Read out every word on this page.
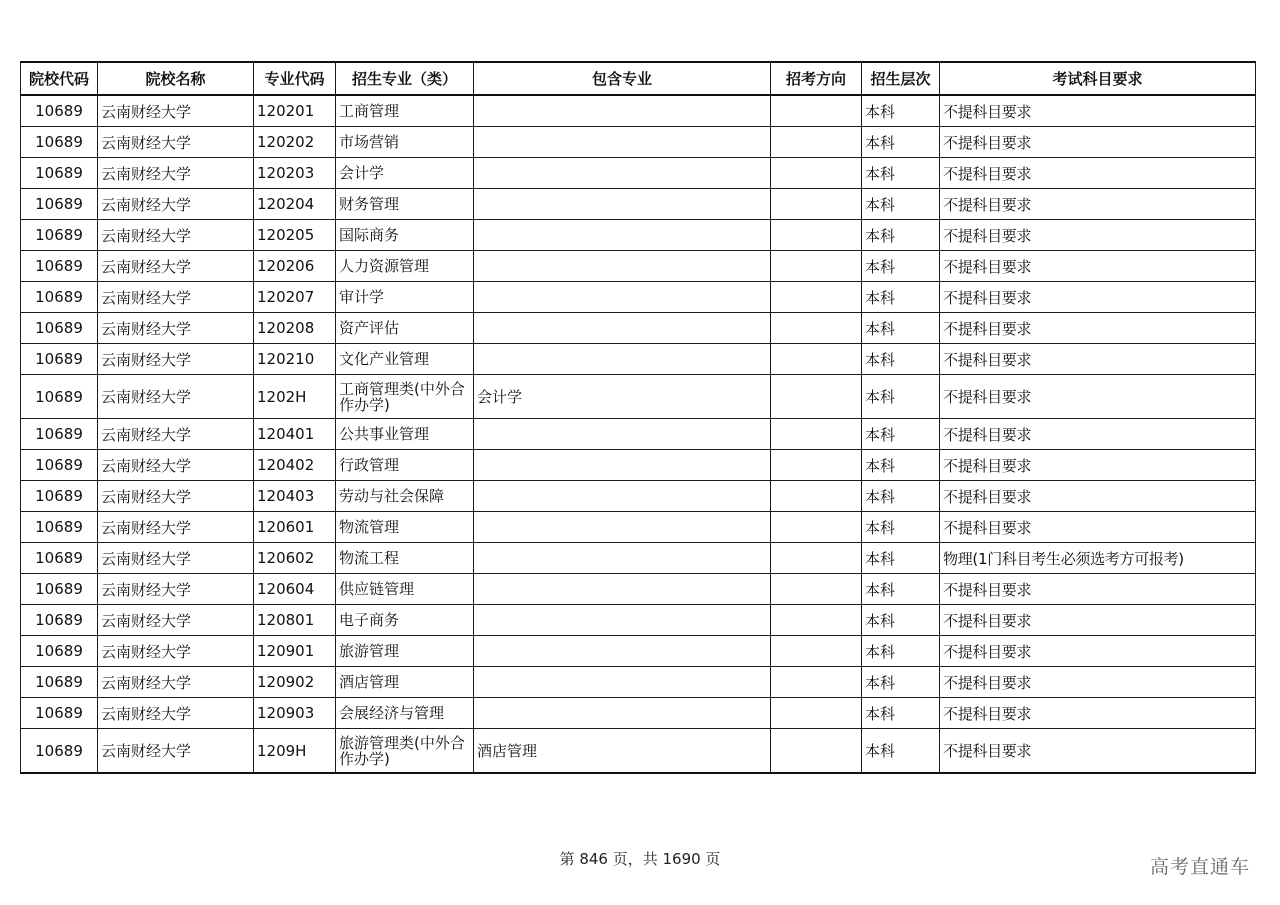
院校代码	院校名称	专业代码	招生专业（类）	包含专业	招考方向	招生层次	考试科目要求
10689	云南财经大学	120201	工商管理			本科	不提科目要求
10689	云南财经大学	120202	市场营销			本科	不提科目要求
10689	云南财经大学	120203	会计学			本科	不提科目要求
10689	云南财经大学	120204	财务管理			本科	不提科目要求
10689	云南财经大学	120205	国际商务			本科	不提科目要求
10689	云南财经大学	120206	人力资源管理			本科	不提科目要求
10689	云南财经大学	120207	审计学			本科	不提科目要求
10689	云南财经大学	120208	资产评估			本科	不提科目要求
10689	云南财经大学	120210	文化产业管理			本科	不提科目要求
10689	云南财经大学	1202H	工商管理类(中外合作办学)	会计学		本科	不提科目要求
10689	云南财经大学	120401	公共事业管理			本科	不提科目要求
10689	云南财经大学	120402	行政管理			本科	不提科目要求
10689	云南财经大学	120403	劳动与社会保障			本科	不提科目要求
10689	云南财经大学	120601	物流管理			本科	不提科目要求
10689	云南财经大学	120602	物流工程			本科	物理(1门科目考生必须选考方可报考)
10689	云南财经大学	120604	供应链管理			本科	不提科目要求
10689	云南财经大学	120801	电子商务			本科	不提科目要求
10689	云南财经大学	120901	旅游管理			本科	不提科目要求
10689	云南财经大学	120902	酒店管理			本科	不提科目要求
10689	云南财经大学	120903	会展经济与管理			本科	不提科目要求
10689	云南财经大学	1209H	旅游管理类(中外合作办学)	酒店管理		本科	不提科目要求
第 846 页，共 1690 页	高考直通车
